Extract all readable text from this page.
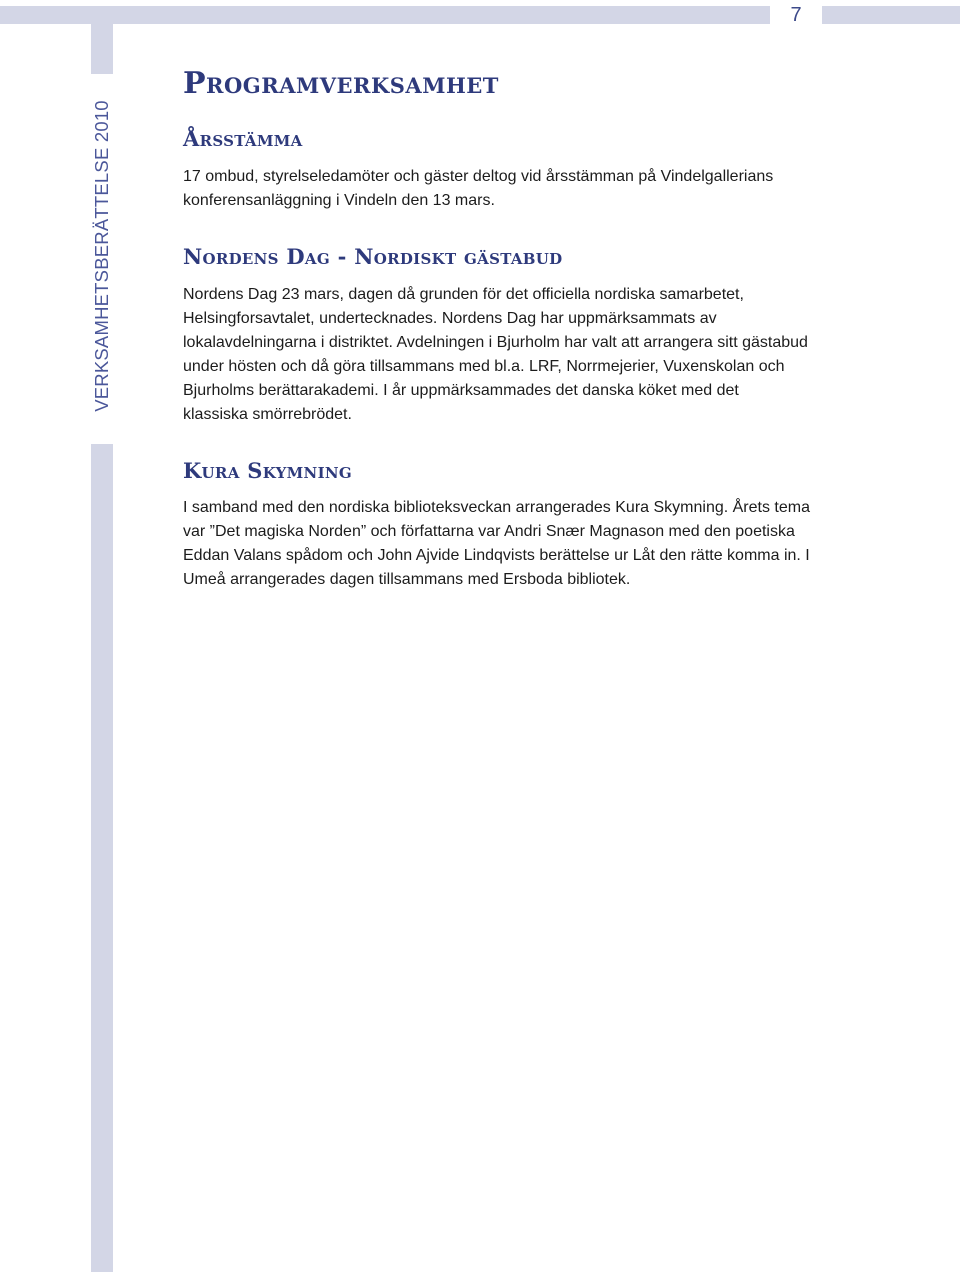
7
VERKSAMHETSBERÄTTELSE 2010
Programverksamhet
Årsstämma

17 ombud, styrelseledamöter och gäster deltog vid årsstämman på Vindelgallerians konferensanläggning i Vindeln den 13 mars.

Nordens Dag - Nordiskt gästabud

Nordens Dag 23 mars, dagen då grunden för det officiella nordiska samarbetet, Helsingforsavtalet, undertecknades. Nordens Dag har uppmärksammats av lokalavdelningarna i distriktet. Avdelningen i Bjurholm har valt att arrangera sitt gästabud under hösten och då göra tillsammans med bl.a. LRF, Norrmejerier, Vuxenskolan och Bjurholms berättarakademi. I år uppmärksammades det danska köket med det klassiska smörrebrödet.

Kura Skymning

I samband med den nordiska biblioteksveckan arrangerades Kura Skymning. Årets tema var ”Det magiska Norden” och författarna var Andri Snær Magnason med den poetiska Eddan Valans spådom och John Ajvide Lindqvists berättelse ur Låt den rätte komma in. I Umeå arrangerades dagen tillsammans med Ersboda bibliotek.
